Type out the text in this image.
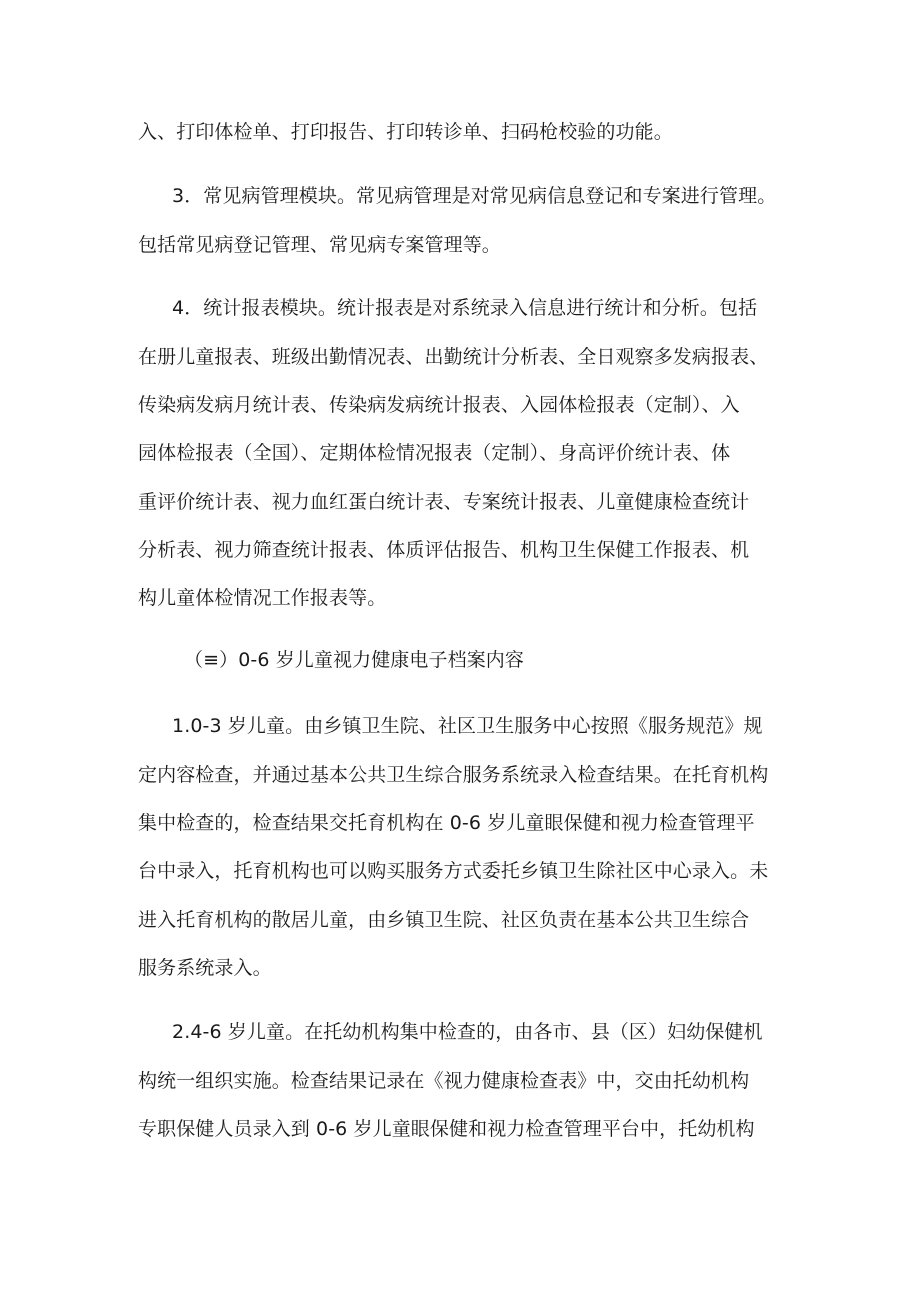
入、打印体检单、打印报告、打印转诊单、扫码枪校验的功能。
3．常见病管理模块。常见病管理是对常见病信息登记和专案进行管理。
包括常见病登记管理、常见病专案管理等。
4．统计报表模块。统计报表是对系统录入信息进行统计和分析。包括
在册儿童报表、班级出勤情况表、出勤统计分析表、全日观察多发病报表、
传染病发病月统计表、传染病发病统计报表、入园体检报表（定制）、入
园体检报表（全国）、定期体检情况报表（定制）、身高评价统计表、体
重评价统计表、视力血红蛋白统计表、专案统计报表、儿童健康检查统计
分析表、视力筛查统计报表、体质评估报告、机构卫生保健工作报表、机
构儿童体检情况工作报表等。
（≡）0-6 岁儿童视力健康电子档案内容
1.0-3 岁儿童。由乡镇卫生院、社区卫生服务中心按照《服务规范》规
定内容检查，并通过基本公共卫生综合服务系统录入检查结果。在托育机构
集中检查的，检查结果交托育机构在 0-6 岁儿童眼保健和视力检查管理平
台中录入，托育机构也可以购买服务方式委托乡镇卫生除社区中心录入。未
进入托育机构的散居儿童，由乡镇卫生院、社区负责在基本公共卫生综合
服务系统录入。
2.4-6 岁儿童。在托幼机构集中检查的，由各市、县（区）妇幼保健机
构统一组织实施。检查结果记录在《视力健康检查表》中，交由托幼机构
专职保健人员录入到 0-6 岁儿童眼保健和视力检查管理平台中，托幼机构
